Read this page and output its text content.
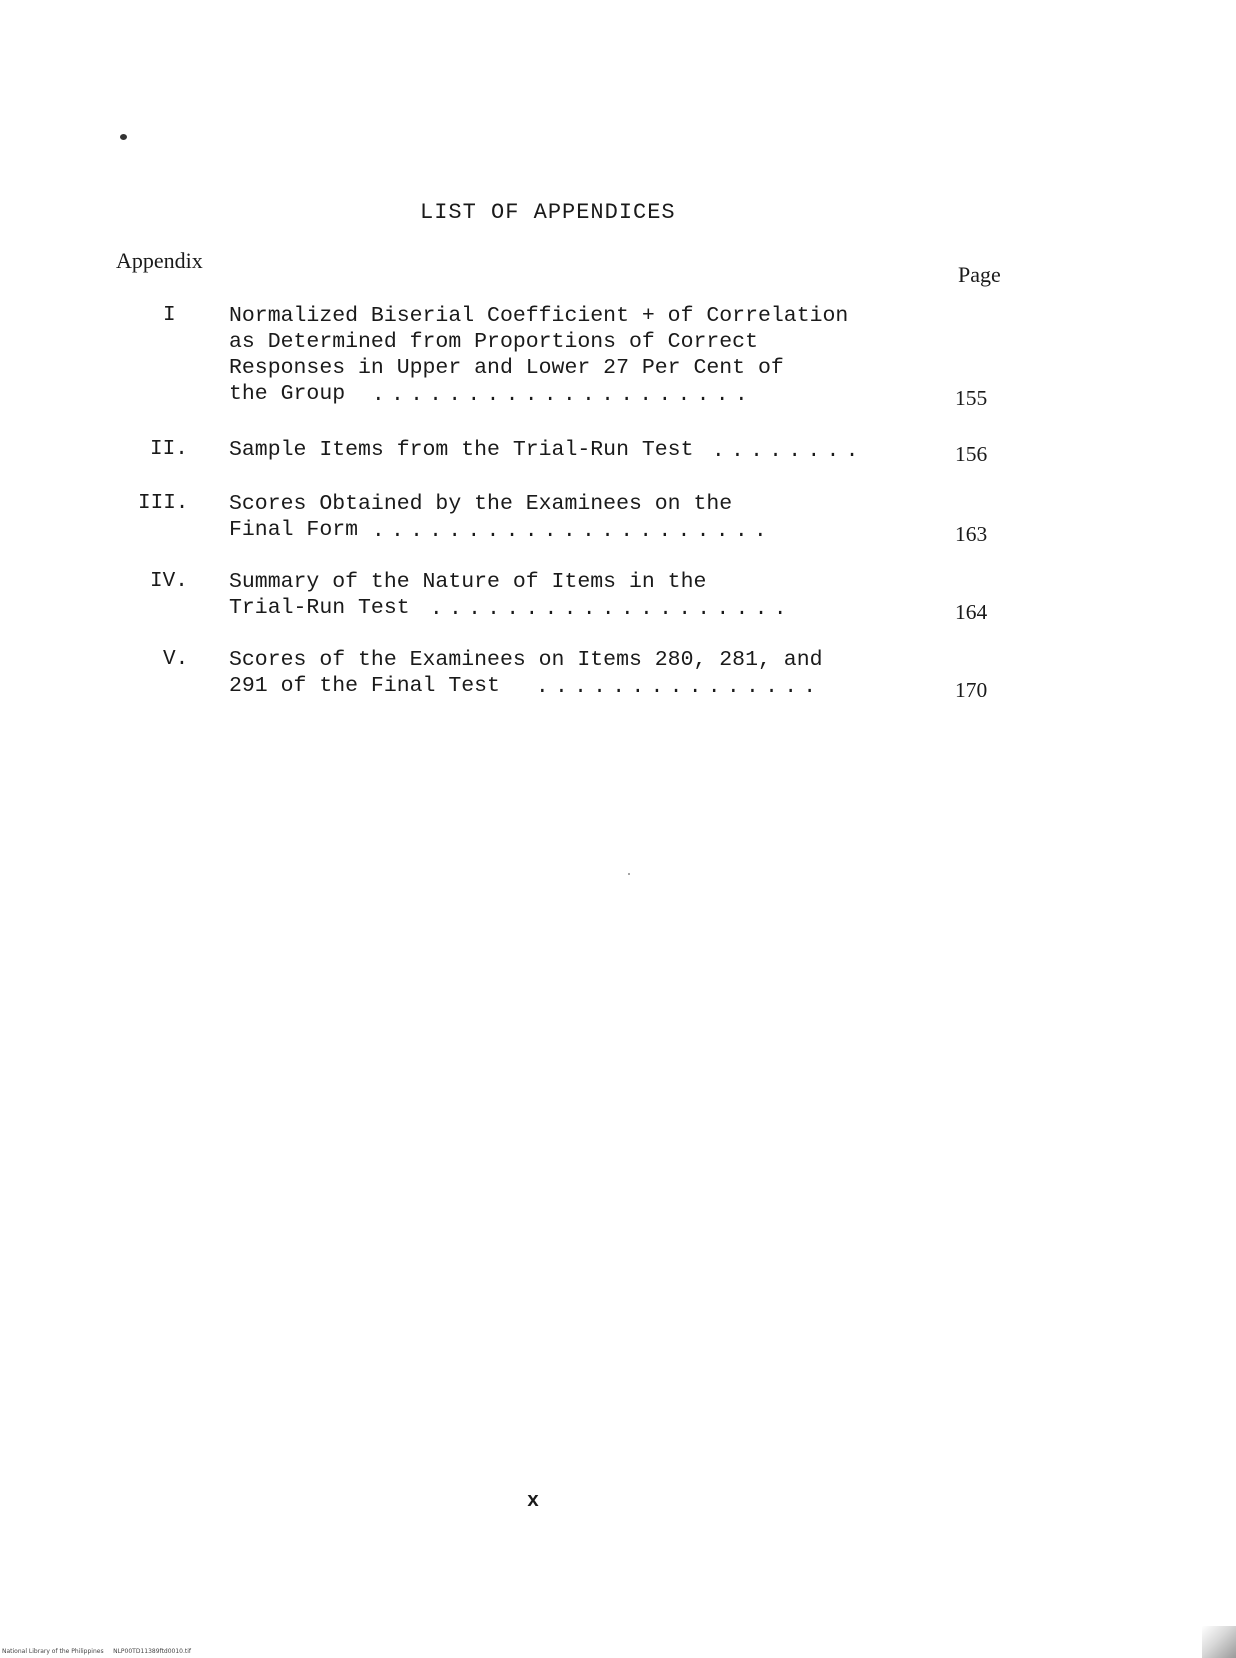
LIST OF APPENDICES
Appendix
Page
I Normalized Biserial Coefficient + of Correlation
as Determined from Proportions of Correct
Responses in Upper and Lower 27 Per Cent of
the Group ....................	155
II. Sample Items from the Trial-Run Test ........	156
III. Scores Obtained by the Examinees on the
Final Form .....................	163
IV. Summary of the Nature of Items in the
Trial-Run Test ...................	164
V. Scores of the Examinees on Items 280, 281, and
291 of the Final Test ...............	170
x
National Library of the Philippines     NLP00TD11389ftd0010.tif
